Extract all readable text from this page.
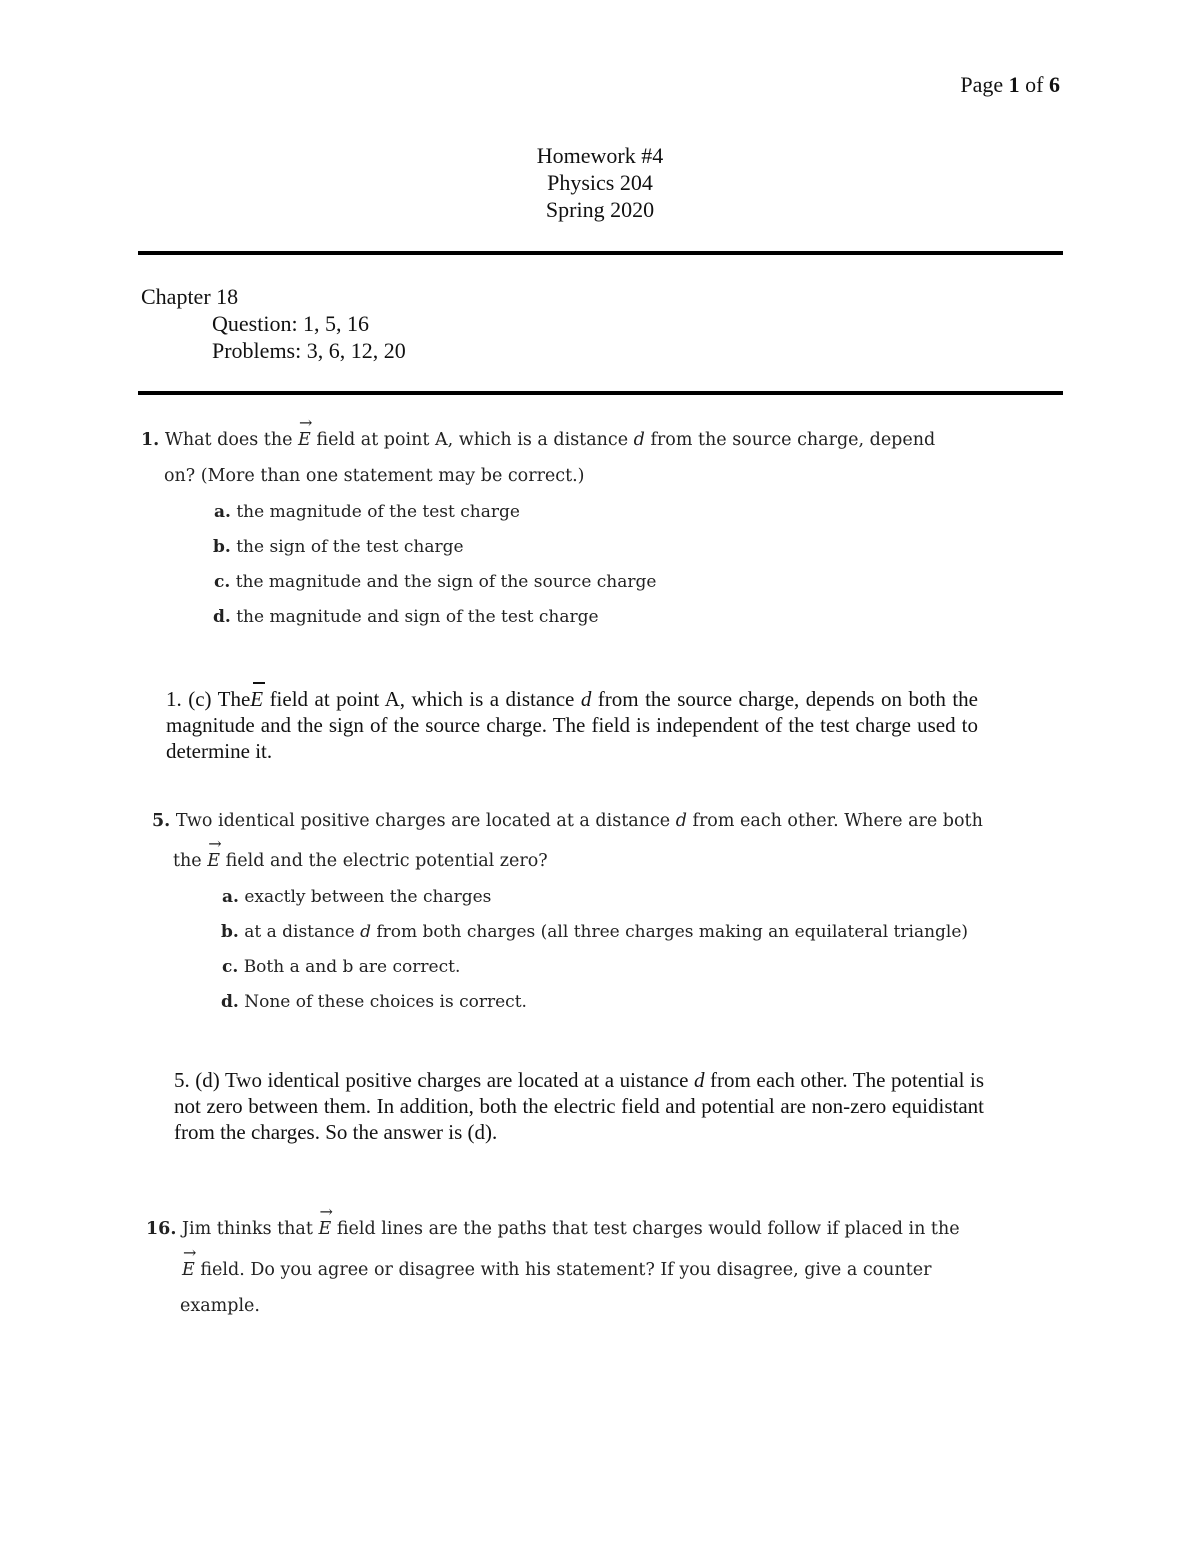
Page 1 of 6
Homework #4
Physics 204
Spring 2020
Chapter 18
Question: 1, 5, 16
Problems: 3, 6, 12, 20
1. What does the
→
E field at point A, which is a distance d from the source charge, depend
on? (More than one statement may be correct.)
a. the magnitude of the test charge
b. the sign of the test charge
c. the magnitude and the sign of the source charge
d. the magnitude and sign of the test charge

1. (c) The
E field at point A, which is a distance d from the source charge, depends on both the magnitude and the sign of the source charge. The field is independent of the test charge used to determine it.

5. Two identical positive charges are located at a distance d from each other. Where are both
the
→
E field and the electric potential zero?
a. exactly between the charges
b. at a distance d from both charges (all three charges making an equilateral triangle)
c. Both a and b are correct.
d. None of these choices is correct.

5. (d) Two identical positive charges are located at a uistance d from each other. The potential is not zero between them. In addition, both the electric field and potential are non-zero equidistant from the charges. So the answer is (d).

16. Jim thinks that
→
E field lines are the paths that test charges would follow if placed in the
→
E field. Do you agree or disagree with his statement? If you disagree, give a counter
example.
